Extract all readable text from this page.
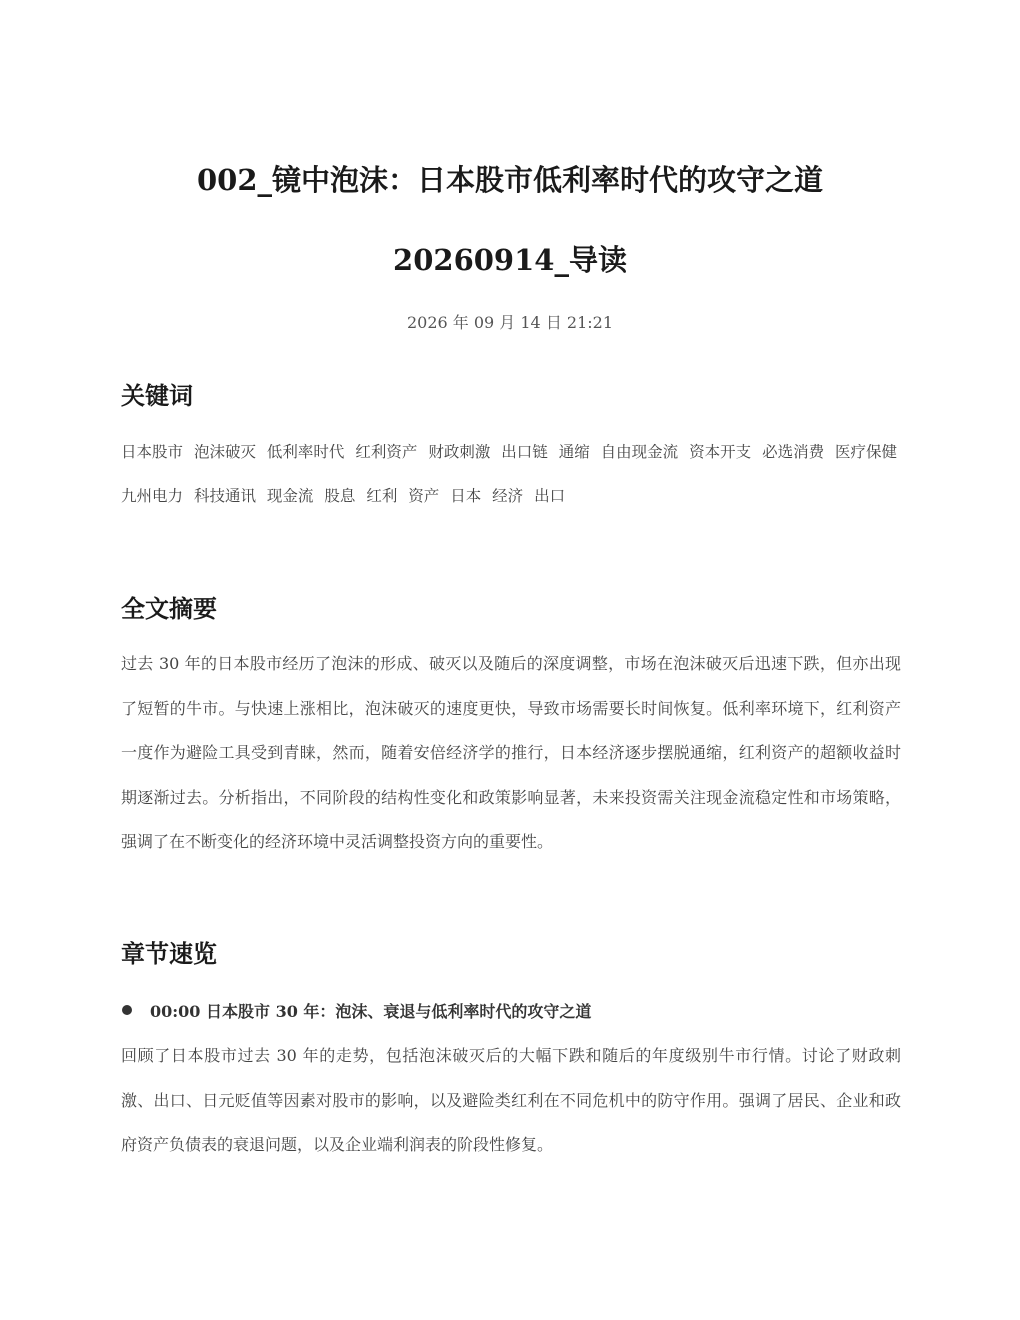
002_镜中泡沫：日本股市低利率时代的攻守之道 20260914_导读
2026 年 09 月 14 日 21:21
关键词

日本股市 泡沫破灭 低利率时代 红利资产 财政刺激 出口链 通缩 自由现金流 资本开支 必选消费 医疗保健 九州电力 科技通讯 现金流 股息 红利 资产 日本 经济 出口

全文摘要

过去 30 年的日本股市经历了泡沫的形成、破灭以及随后的深度调整，市场在泡沫破灭后迅速下跌，但亦出现了短暂的牛市。与快速上涨相比，泡沫破灭的速度更快，导致市场需要长时间恢复。低利率环境下，红利资产一度作为避险工具受到青睐，然而，随着安倍经济学的推行，日本经济逐步摆脱通缩，红利资产的超额收益时期逐渐过去。分析指出，不同阶段的结构性变化和政策影响显著，未来投资需关注现金流稳定性和市场策略，强调了在不断变化的经济环境中灵活调整投资方向的重要性。

章节速览
00:00 日本股市 30 年：泡沫、衰退与低利率时代的攻守之道

回顾了日本股市过去 30 年的走势，包括泡沫破灭后的大幅下跌和随后的年度级别牛市行情。讨论了财政刺激、出口、日元贬值等因素对股市的影响，以及避险类红利在不同危机中的防守作用。强调了居民、企业和政府资产负债表的衰退问题，以及企业端利润表的阶段性修复。
